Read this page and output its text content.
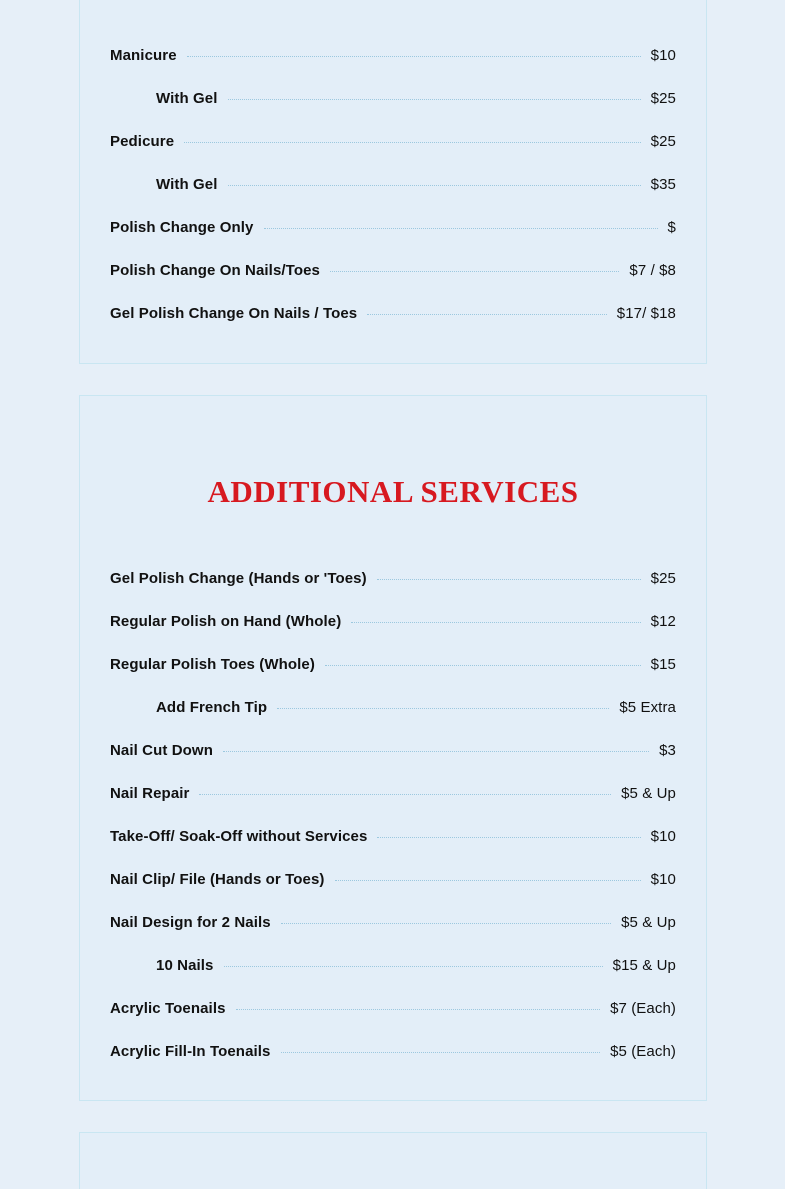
Manicure	$10
With Gel	$25
Pedicure	$25
With Gel	$35
Polish Change Only	$
Polish Change On Nails/Toes	$7 / $8
Gel Polish Change On Nails / Toes	$17/ $18
ADDITIONAL SERVICES
Gel Polish Change (Hands or 'Toes)	$25
Regular Polish on Hand (Whole)	$12
Regular Polish Toes (Whole)	$15
Add French Tip	$5 Extra
Nail Cut Down	$3
Nail Repair	$5 & Up
Take-Off/ Soak-Off without Services	$10
Nail Clip/ File (Hands or Toes)	$10
Nail Design for 2 Nails	$5 & Up
10 Nails	$15 & Up
Acrylic Toenails	$7 (Each)
Acrylic Fill-In Toenails	$5 (Each)
